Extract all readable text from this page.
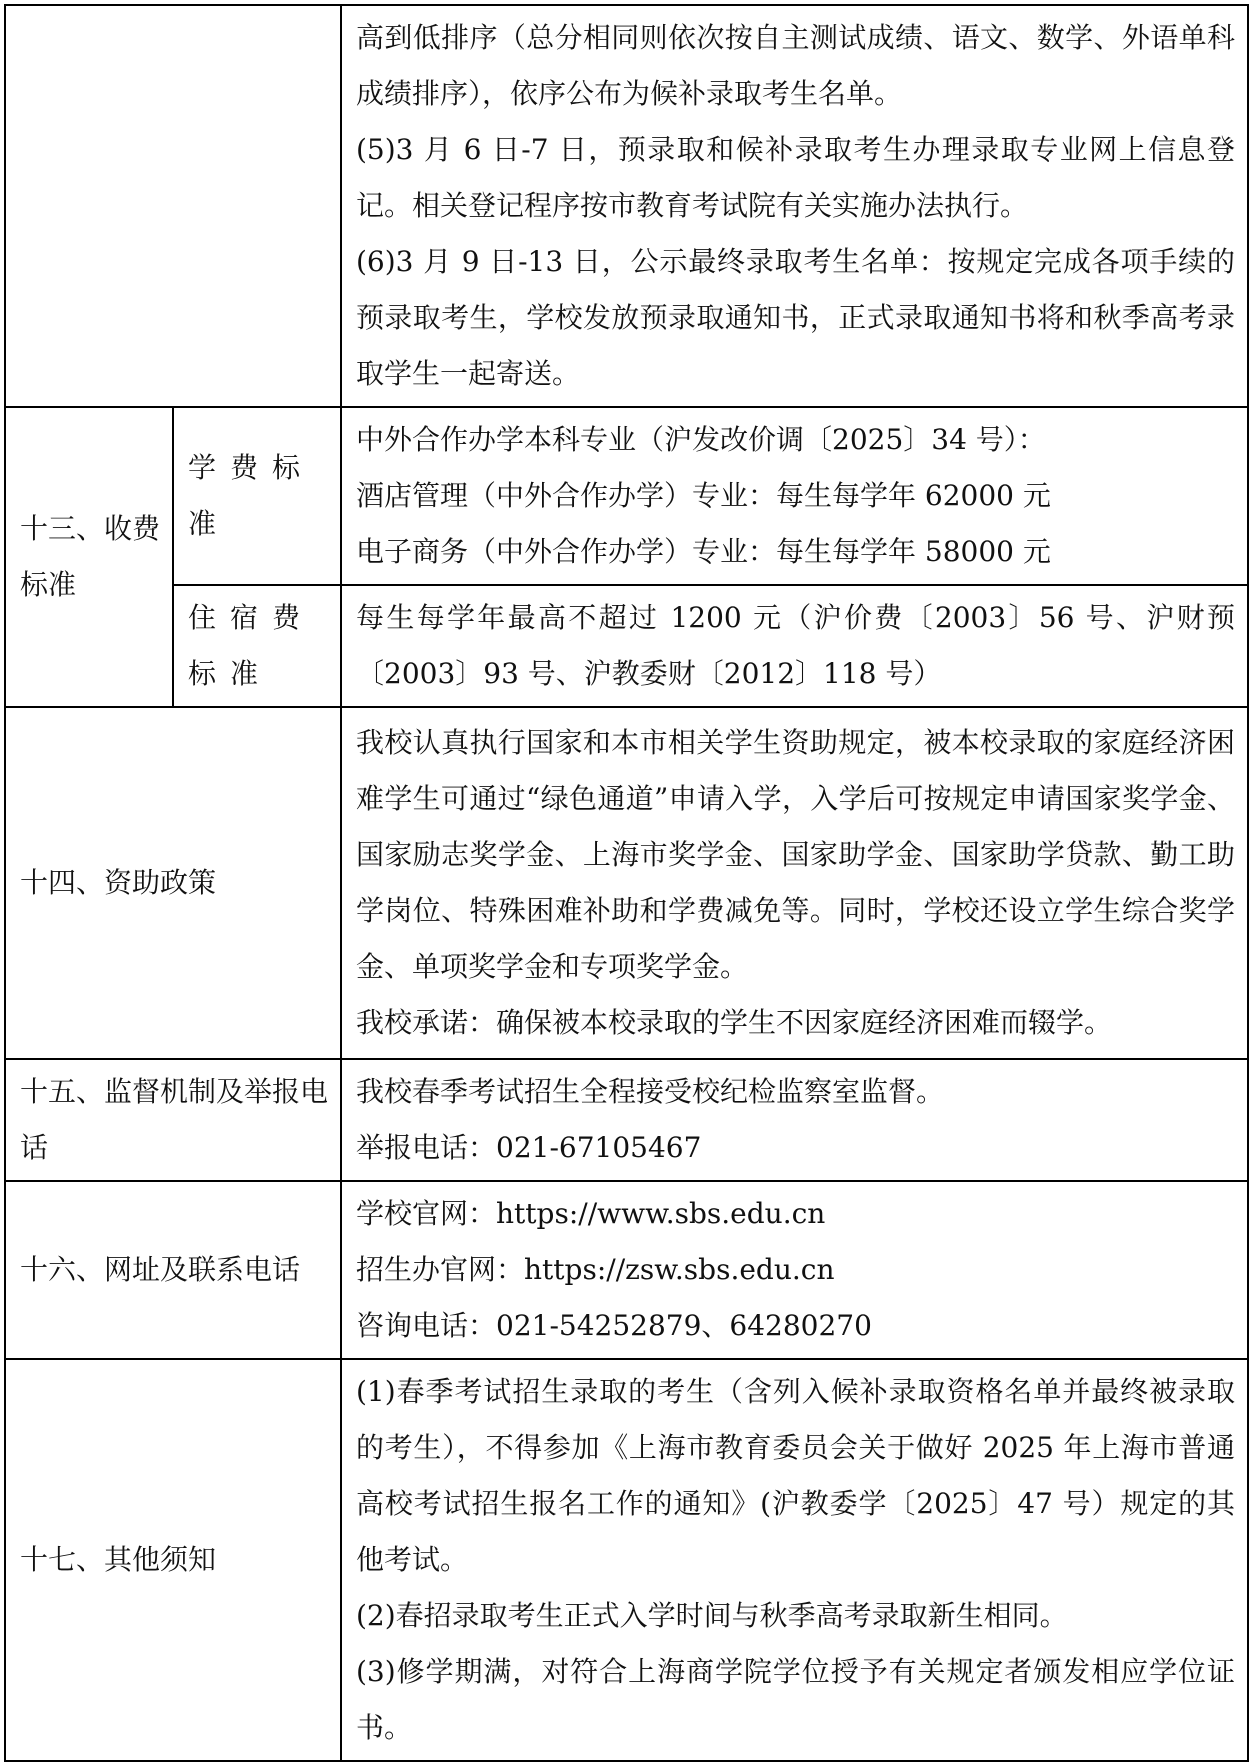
		高到低排序（总分相同则依次按自主测试成绩、语文、数学、外语单科成绩排序），依序公布为候补录取考生名单。
(5)3 月 6 日-7 日，预录取和候补录取考生办理录取专业网上信息登记。相关登记程序按市教育考试院有关实施办法执行。
(6)3 月 9 日-13 日，公示最终录取考生名单：按规定完成各项手续的预录取考生，学校发放预录取通知书，正式录取通知书将和秋季高考录取学生一起寄送。

十三、收费标准	学费标准	中外合作办学本科专业（沪发改价调〔2025〕34 号）：
酒店管理（中外合作办学）专业：每生每学年 62000 元
电子商务（中外合作办学）专业：每生每学年 58000 元

	住宿费标准	每生每学年最高不超过 1200 元（沪价费〔2003〕56 号、沪财预〔2003〕93 号、沪教委财〔2012〕118 号）

十四、资助政策		我校认真执行国家和本市相关学生资助规定，被本校录取的家庭经济困难学生可通过“绿色通道”申请入学，入学后可按规定申请国家奖学金、国家励志奖学金、上海市奖学金、国家助学金、国家助学贷款、勤工助学岗位、特殊困难补助和学费减免等。同时，学校还设立学生综合奖学金、单项奖学金和专项奖学金。
我校承诺：确保被本校录取的学生不因家庭经济困难而辍学。

十五、监督机制及举报电话		我校春季考试招生全程接受校纪检监察室监督。
举报电话：021-67105467

十六、网址及联系电话		学校官网：https://www.sbs.edu.cn
招生办官网：https://zsw.sbs.edu.cn
咨询电话：021-54252879、64280270

十七、其他须知		(1)春季考试招生录取的考生（含列入候补录取资格名单并最终被录取的考生），不得参加《上海市教育委员会关于做好 2025 年上海市普通高校考试招生报名工作的通知》(沪教委学〔2025〕47 号）规定的其他考试。
(2)春招录取考生正式入学时间与秋季高考录取新生相同。
(3)修学期满，对符合上海商学院学位授予有关规定者颁发相应学位证书。
